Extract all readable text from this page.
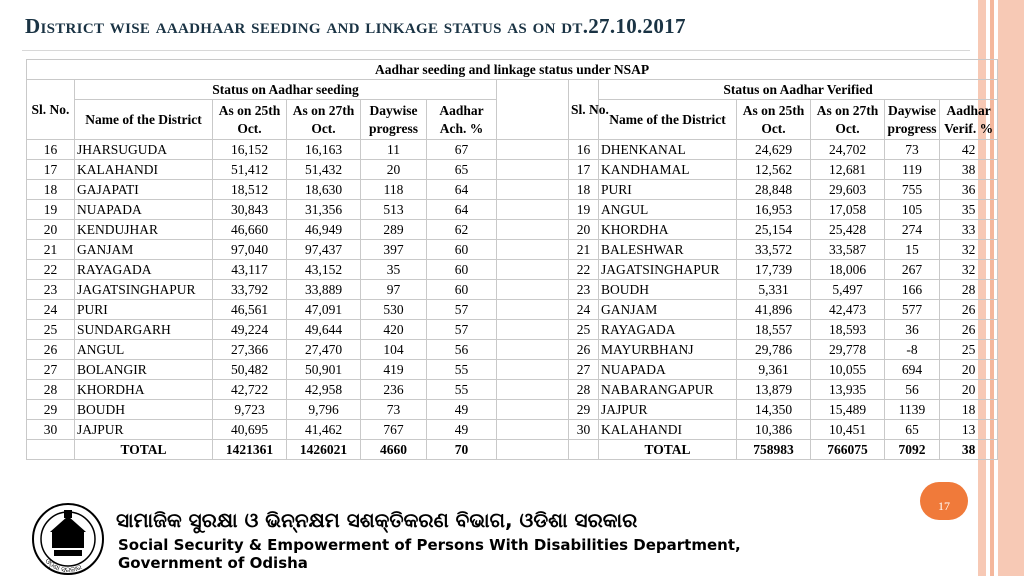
District wise aaadhaar seeding and linkage status as on dt.27.10.2017
Aadhar seeding and linkage status under NSAP												
Sl. No.	Status on Aadhar seeding						Sl. No.	Status on Aadhar Verified				
	Name of the District	As on 25th Oct.	As on 27th Oct.	Daywise progress	Aadhar Ach. %			Name of the District	As on 25th Oct.	As on 27th Oct.	Daywise progress	Aadhar Verif. %

16	JHARSUGUDA	16,152	16,163	11	67		16	DHENKANAL	24,629	24,702	73	42
17	KALAHANDI	51,412	51,432	20	65		17	KANDHAMAL	12,562	12,681	119	38
18	GAJAPATI	18,512	18,630	118	64		18	PURI	28,848	29,603	755	36
19	NUAPADA	30,843	31,356	513	64		19	ANGUL	16,953	17,058	105	35
20	KENDUJHAR	46,660	46,949	289	62		20	KHORDHA	25,154	25,428	274	33
21	GANJAM	97,040	97,437	397	60		21	BALESHWAR	33,572	33,587	15	32
22	RAYAGADA	43,117	43,152	35	60		22	JAGATSINGHAPUR	17,739	18,006	267	32
23	JAGATSINGHAPUR	33,792	33,889	97	60		23	BOUDH	5,331	5,497	166	28
24	PURI	46,561	47,091	530	57		24	GANJAM	41,896	42,473	577	26
25	SUNDARGARH	49,224	49,644	420	57		25	RAYAGADA	18,557	18,593	36	26
26	ANGUL	27,366	27,470	104	56		26	MAYURBHANJ	29,786	29,778	-8	25
27	BOLANGIR	50,482	50,901	419	55		27	NUAPADA	9,361	10,055	694	20
28	KHORDHA	42,722	42,958	236	55		28	NABARANGAPUR	13,879	13,935	56	20
29	BOUDH	9,723	9,796	73	49		29	JAJPUR	14,350	15,489	1139	18
30	JAJPUR	40,695	41,462	767	49		30	KALAHANDI	10,386	10,451	65	13
	TOTAL	1421361	1426021	4660	70			TOTAL	758983	766075	7092	38
17
ଓଡ଼ିଶା ସରକାର
ସାମାଜିକ ସୁରକ୍ଷା ଓ ଭିନ୍ନକ୍ଷମ ସଶକ୍ତିକରଣ ବିଭାଗ, ଓଡିଶା ସରକାର
Social Security & Empowerment of Persons With Disabilities Department,
Government of Odisha
